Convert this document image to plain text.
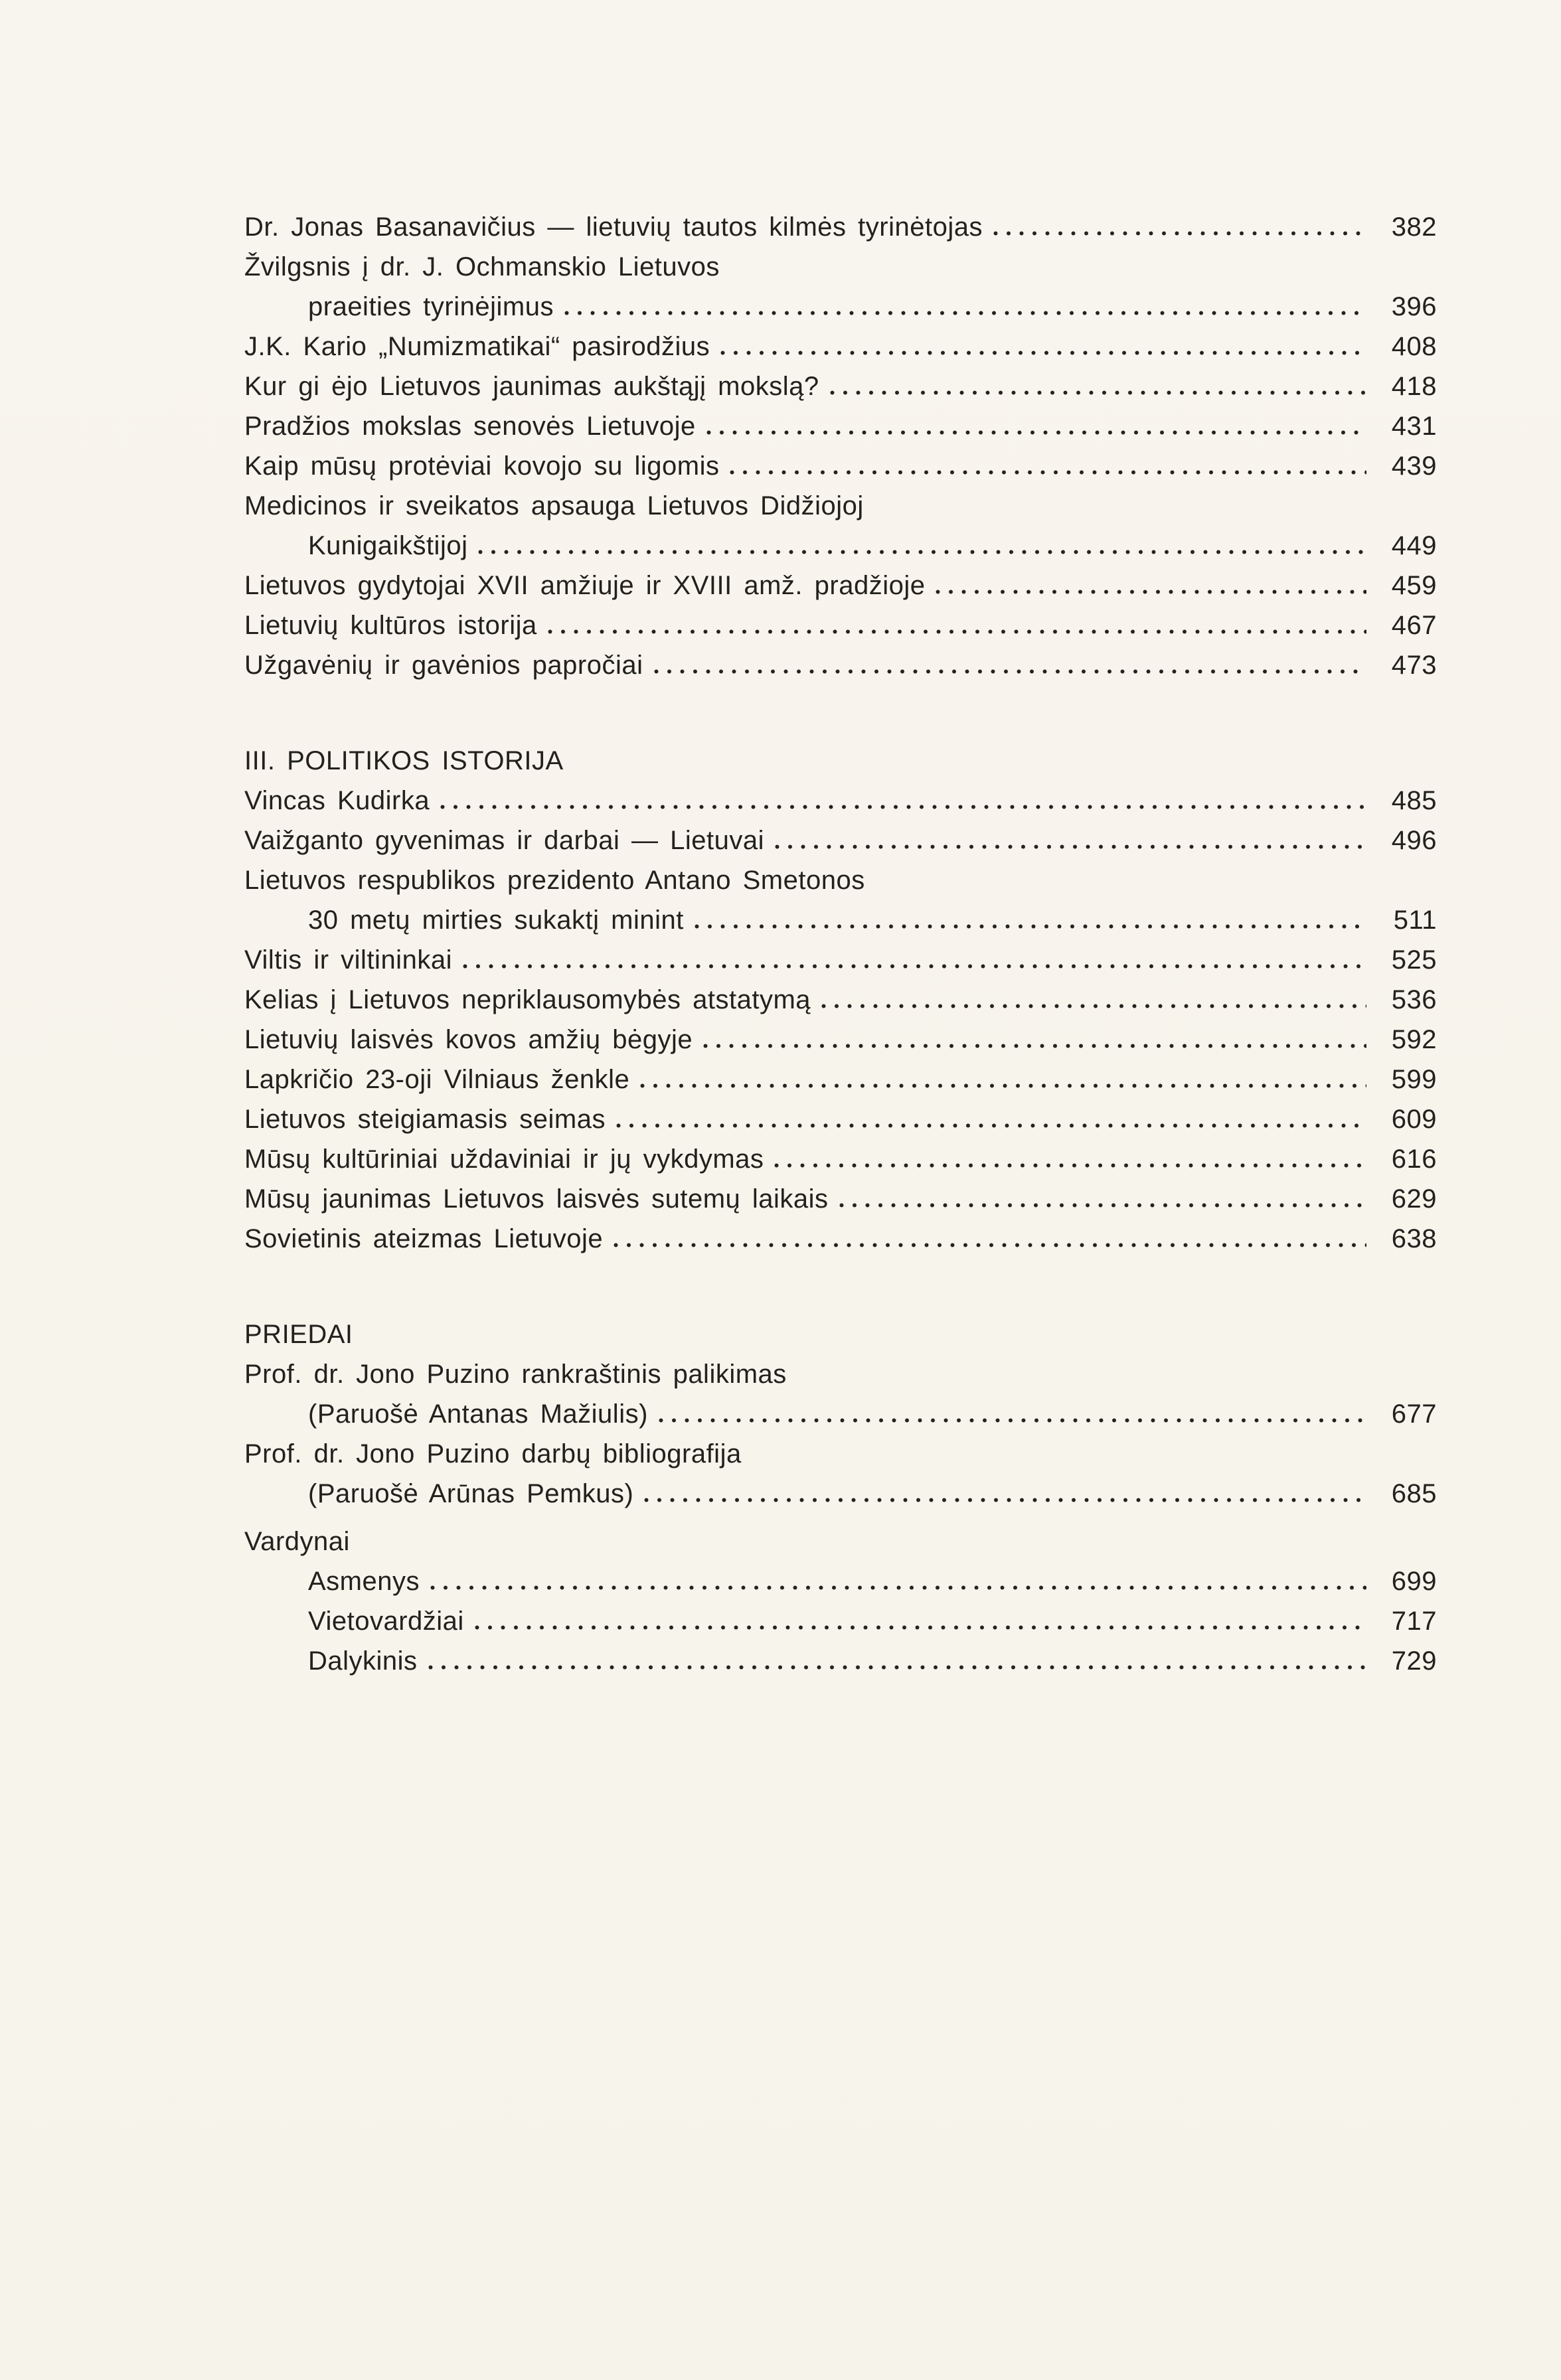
Dr. Jonas Basanavičius — lietuvių tautos kilmės tyrinėtojas	382
Žvilgsnis į dr. J. Ochmanskio Lietuvos
praeities tyrinėjimus	396
J.K. Kario „Numizmatikai“ pasirodžius	408
Kur gi ėjo Lietuvos jaunimas aukštąjį mokslą?	418
Pradžios mokslas senovės Lietuvoje	431
Kaip mūsų protėviai kovojo su ligomis	439
Medicinos ir sveikatos apsauga Lietuvos Didžiojoj
Kunigaikštijoj	449
Lietuvos gydytojai XVII amžiuje ir XVIII amž. pradžioje	459
Lietuvių kultūros istorija	467
Užgavėnių ir gavėnios papročiai	473
III. POLITIKOS ISTORIJA
Vincas Kudirka	485
Vaižganto gyvenimas ir darbai — Lietuvai	496
Lietuvos respublikos prezidento Antano Smetonos
30 metų mirties sukaktį minint	511
Viltis ir viltininkai	525
Kelias į Lietuvos nepriklausomybės atstatymą	536
Lietuvių laisvės kovos amžių bėgyje	592
Lapkričio 23-oji Vilniaus ženkle	599
Lietuvos steigiamasis seimas	609
Mūsų kultūriniai uždaviniai ir jų vykdymas	616
Mūsų jaunimas Lietuvos laisvės sutemų laikais	629
Sovietinis ateizmas Lietuvoje	638
PRIEDAI
Prof. dr. Jono Puzino rankraštinis palikimas
(Paruošė Antanas Mažiulis)	677
Prof. dr. Jono Puzino darbų bibliografija
(Paruošė Arūnas Pemkus)	685
Vardynai
Asmenys	699
Vietovardžiai	717
Dalykinis	729
